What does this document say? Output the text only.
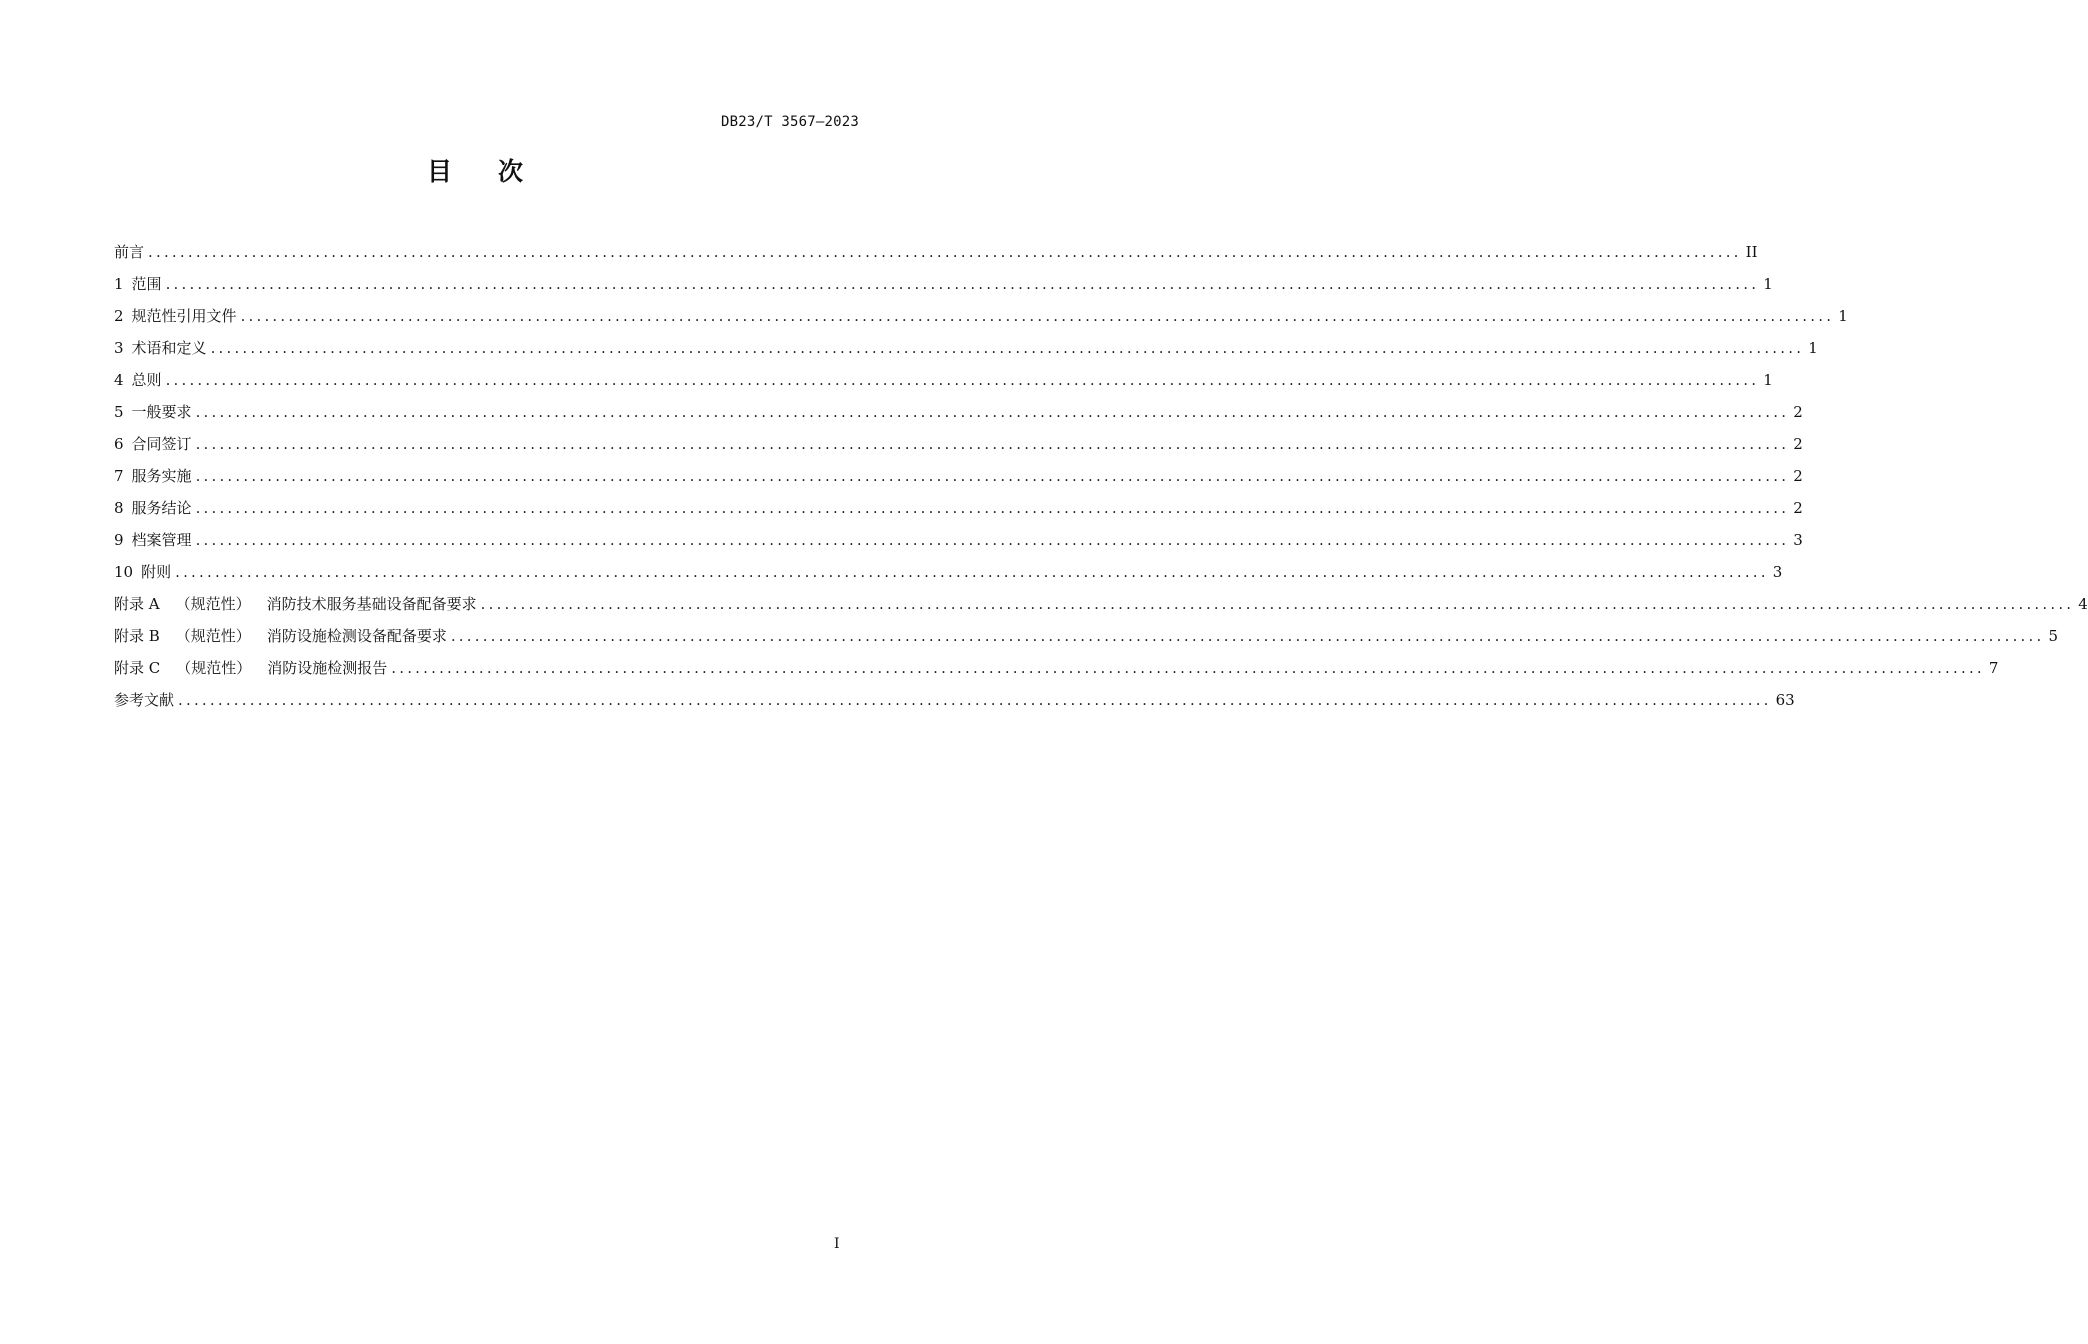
DB23/T 3567—2023
目 次
前言 ........................................................................................................................................................................................................ II
1 范围 ........................................................................................................................................................................................................ 1
2 规范性引用文件 ........................................................................................................................................................................................................ 1
3 术语和定义 ........................................................................................................................................................................................................ 1
4 总则 ........................................................................................................................................................................................................ 1
5 一般要求 ........................................................................................................................................................................................................ 2
6 合同签订 ........................................................................................................................................................................................................ 2
7 服务实施 ........................................................................................................................................................................................................ 2
8 服务结论 ........................................................................................................................................................................................................ 2
9 档案管理 ........................................................................................................................................................................................................ 3
10 附则 ........................................................................................................................................................................................................ 3
附录 A （规范性） 消防技术服务基础设备配备要求 ........................................................................................................................................................................................................ 4
附录 B （规范性） 消防设施检测设备配备要求 ........................................................................................................................................................................................................ 5
附录 C （规范性） 消防设施检测报告 ........................................................................................................................................................................................................ 7
参考文献 ........................................................................................................................................................................................................ 63
I
